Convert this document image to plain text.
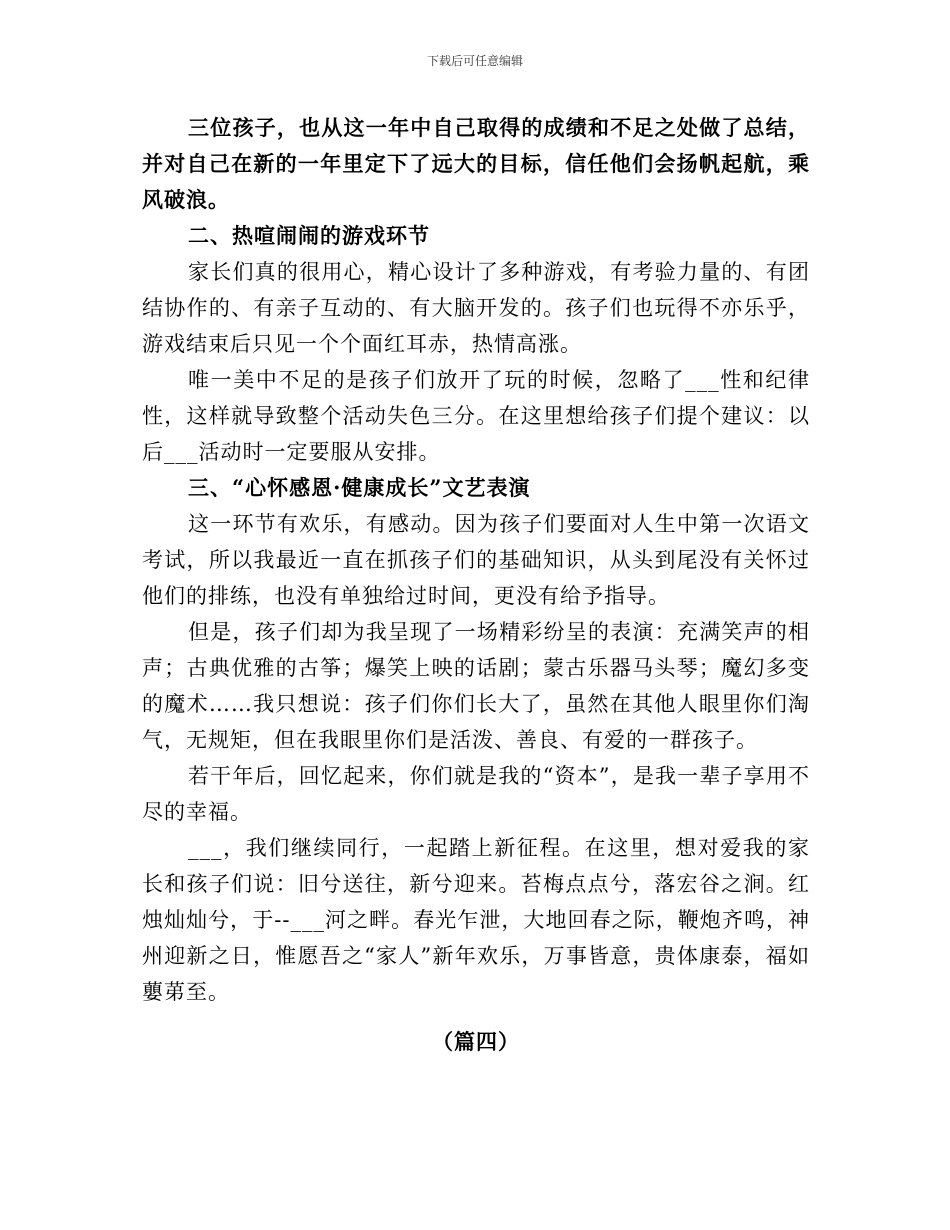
下载后可任意编辑

三位孩子，也从这一年中自己取得的成绩和不足之处做了总结，并对自己在新的一年里定下了远大的目标，信任他们会扬帆起航，乘风破浪。

二、热喧闹闹的游戏环节

家长们真的很用心，精心设计了多种游戏，有考验力量的、有团结协作的、有亲子互动的、有大脑开发的。孩子们也玩得不亦乐乎，游戏结束后只见一个个面红耳赤，热情高涨。

唯一美中不足的是孩子们放开了玩的时候，忽略了___性和纪律性，这样就导致整个活动失色三分。在这里想给孩子们提个建议：以后___活动时一定要服从安排。

三、“心怀感恩·健康成长”文艺表演

这一环节有欢乐，有感动。因为孩子们要面对人生中第一次语文考试，所以我最近一直在抓孩子们的基础知识，从头到尾没有关怀过他们的排练，也没有单独给过时间，更没有给予指导。

但是，孩子们却为我呈现了一场精彩纷呈的表演：充满笑声的相声；古典优雅的古筝；爆笑上映的话剧；蒙古乐器马头琴；魔幻多变的魔术……我只想说：孩子们你们长大了，虽然在其他人眼里你们淘气，无规矩，但在我眼里你们是活泼、善良、有爱的一群孩子。

若干年后，回忆起来，你们就是我的“资本”，是我一辈子享用不尽的幸福。

___，我们继续同行，一起踏上新征程。在这里，想对爱我的家长和孩子们说：旧兮送往，新兮迎来。苔梅点点兮，落宏谷之涧。红烛灿灿兮，于--___河之畔。春光乍泄，大地回春之际，鞭炮齐鸣，神州迎新之日，惟愿吾之“家人”新年欢乐，万事皆意，贵体康泰，福如蘡苐至。

（篇四）
